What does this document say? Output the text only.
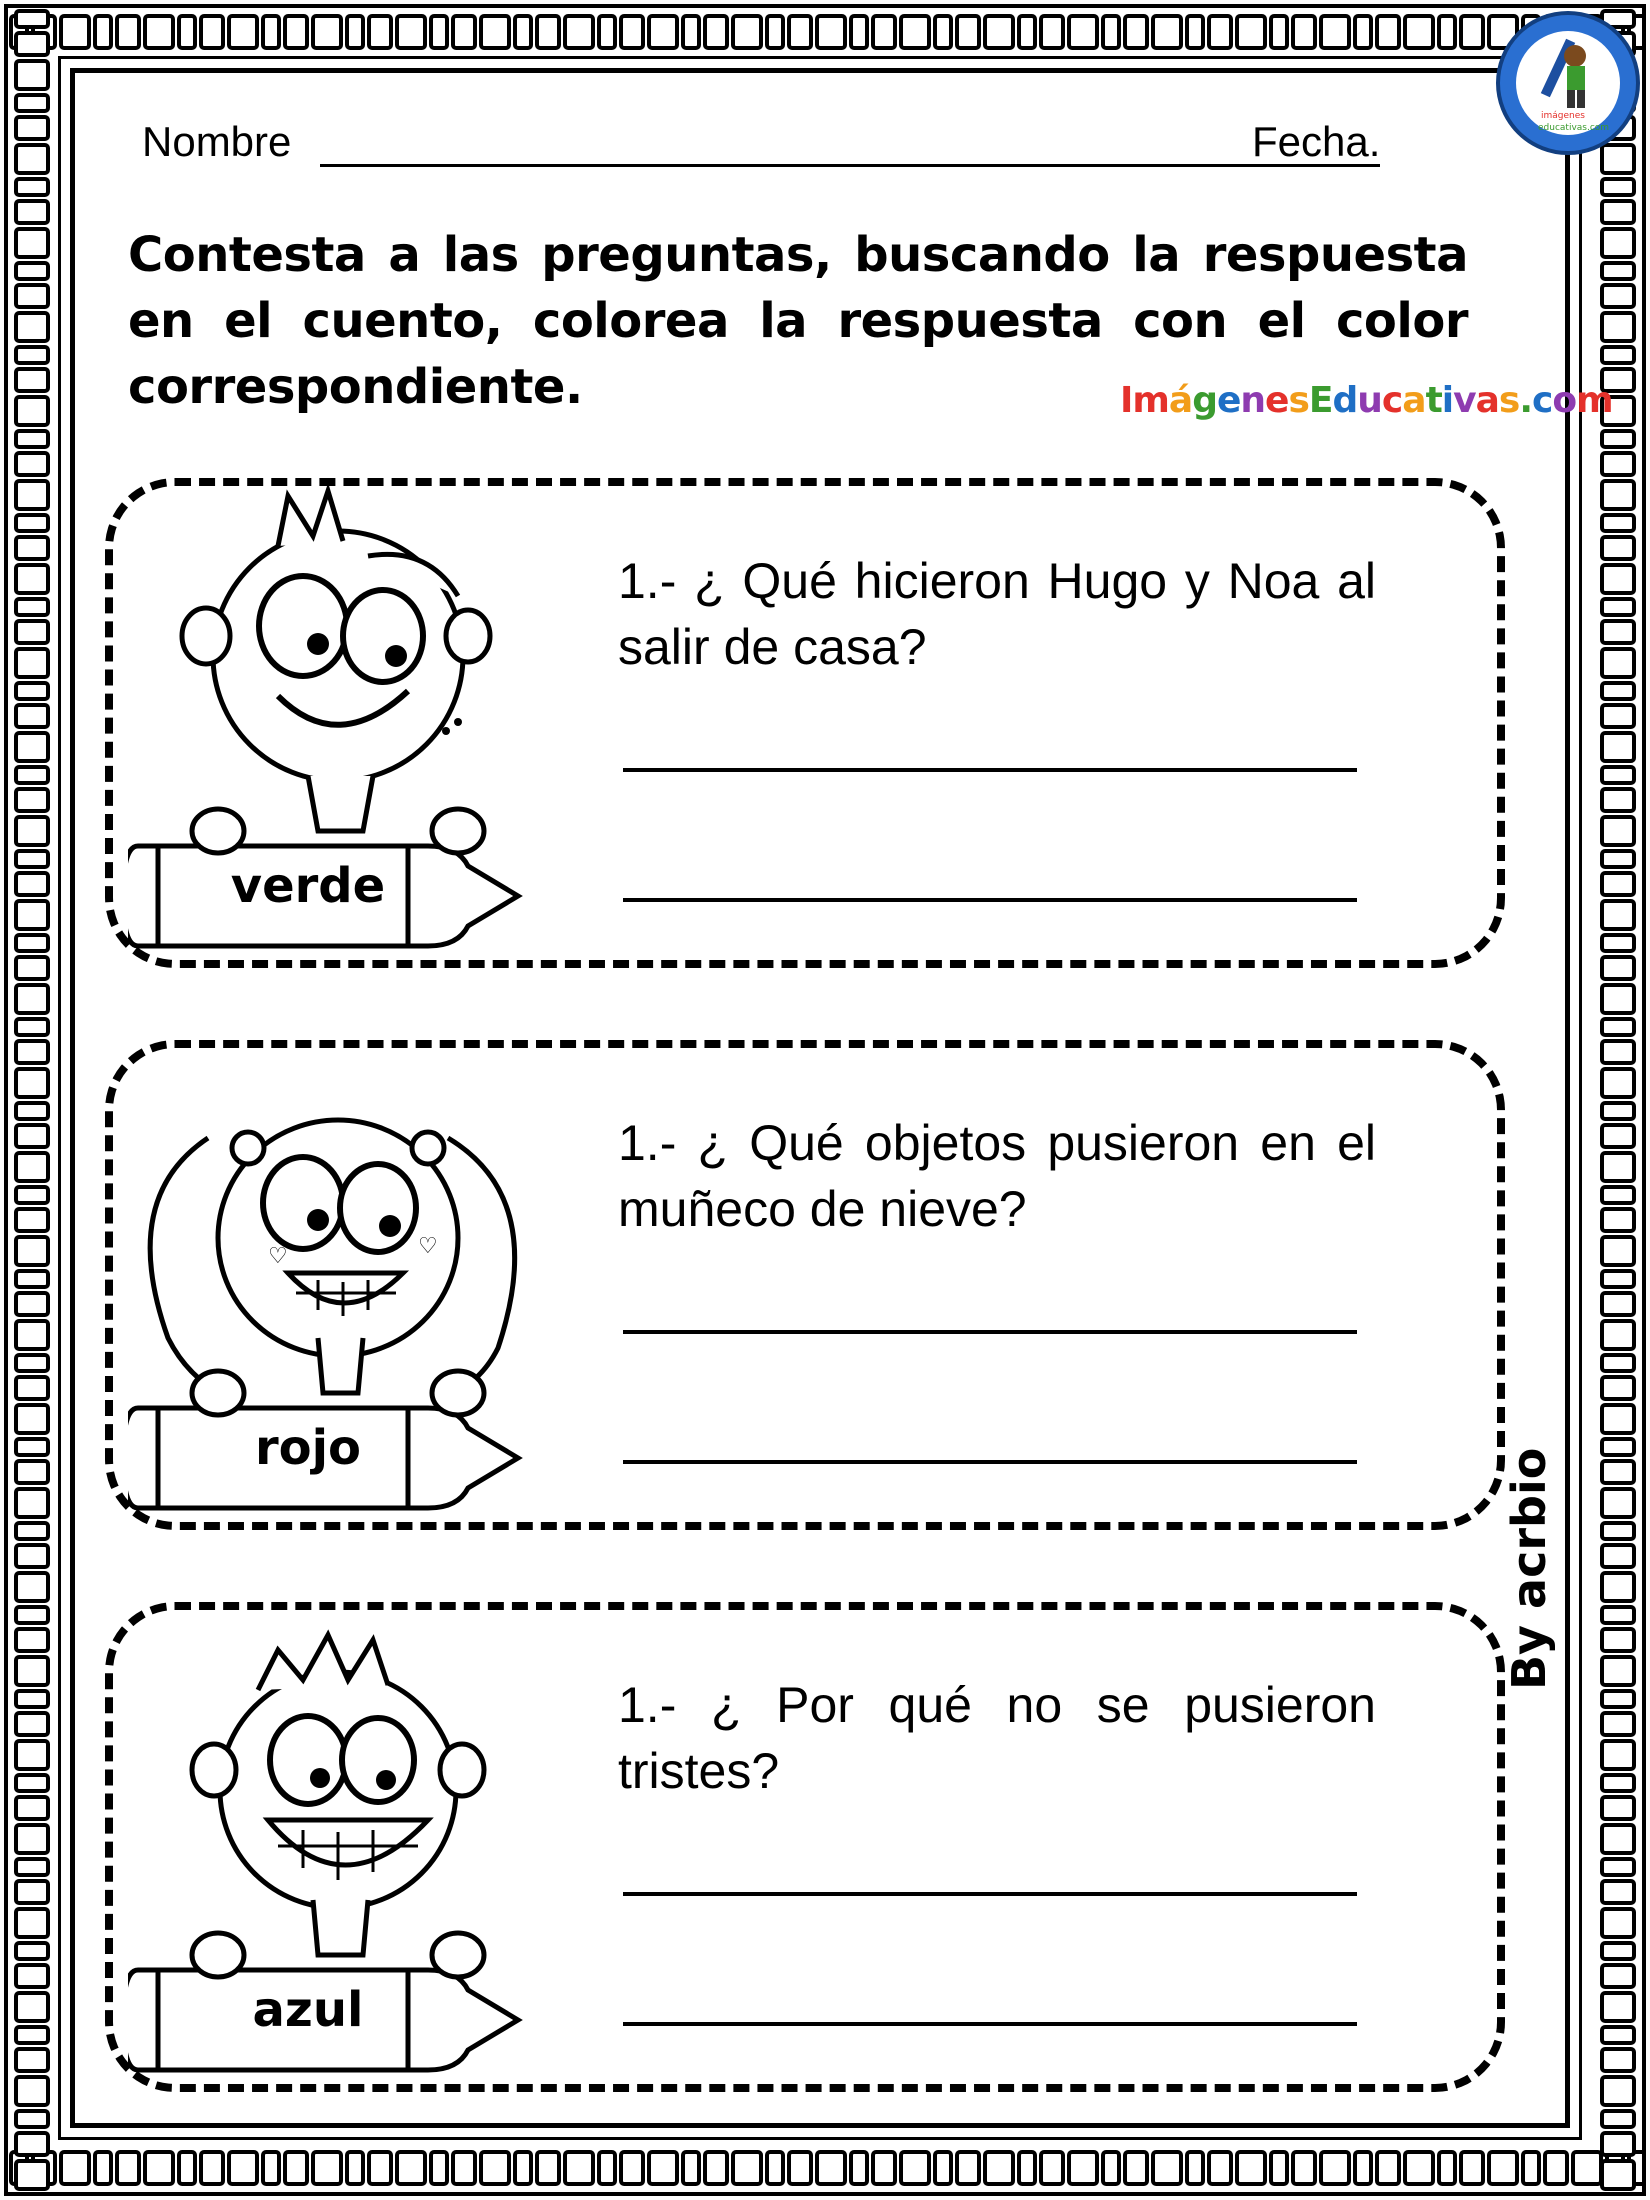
imágenes
educativas.com
Nombre	Fecha.
Contesta a las preguntas, buscando la respuesta en el cuento, colorea la respuesta con el color correspondiente.	ImágenesEducativas.com
verde
1.- ¿ Qué hicieron Hugo y Noa al salir de casa?
♡	♡
rojo
1.- ¿ Qué objetos pusieron en el muñeco de nieve?
azul
1.- ¿ Por qué no se pusieron tristes?
By acrbio
